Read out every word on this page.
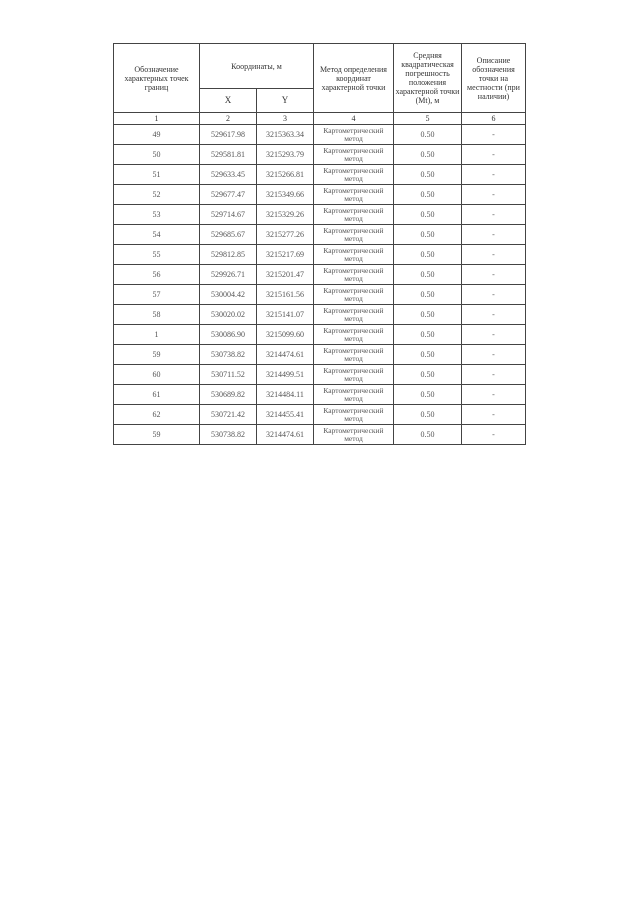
Обозначение характерных точек границ	Координаты, м		Метод определения координат характерной точки	Средняя квадратическая погрешность положения характерной точки (Mt), м	Описание обозначения точки на местности (при наличии)
	X	Y			
1	2	3	4	5	6
49	529617.98	3215363.34	Картометрический метод	0.50	-
50	529581.81	3215293.79	Картометрический метод	0.50	-
51	529633.45	3215266.81	Картометрический метод	0.50	-
52	529677.47	3215349.66	Картометрический метод	0.50	-
53	529714.67	3215329.26	Картометрический метод	0.50	-
54	529685.67	3215277.26	Картометрический метод	0.50	-
55	529812.85	3215217.69	Картометрический метод	0.50	-
56	529926.71	3215201.47	Картометрический метод	0.50	-
57	530004.42	3215161.56	Картометрический метод	0.50	-
58	530020.02	3215141.07	Картометрический метод	0.50	-
1	530086.90	3215099.60	Картометрический метод	0.50	-
59	530738.82	3214474.61	Картометрический метод	0.50	-
60	530711.52	3214499.51	Картометрический метод	0.50	-
61	530689.82	3214484.11	Картометрический метод	0.50	-
62	530721.42	3214455.41	Картометрический метод	0.50	-
59	530738.82	3214474.61	Картометрический метод	0.50	-
